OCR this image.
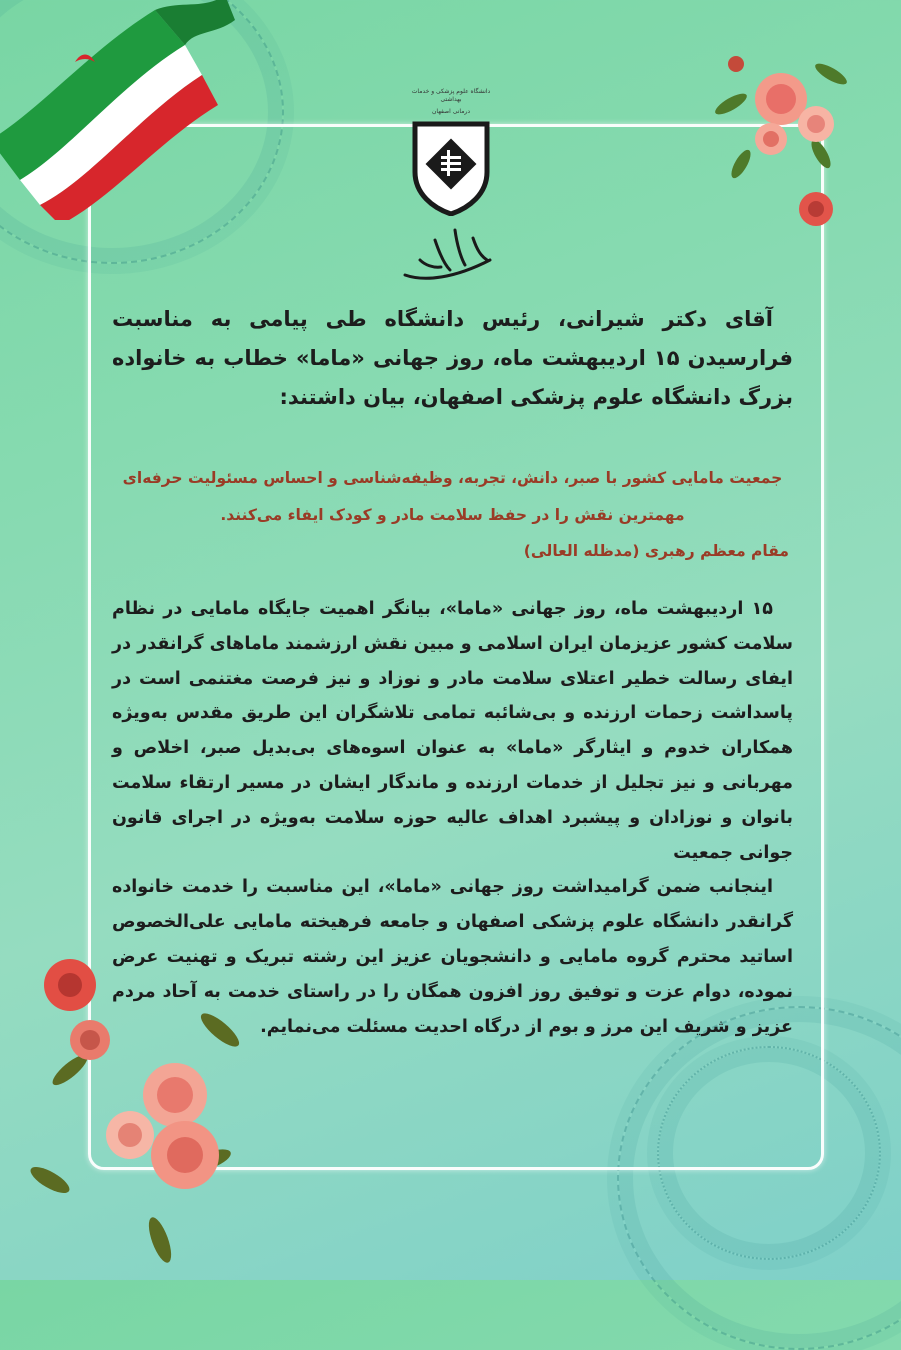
دانشگاه علوم پزشکی و خدمات بهداشتی
درمانی اصفهان
آقای دکتر شیرانی، رئیس دانشگاه طی پیامی به مناسبت فرارسیدن ۱۵ اردیبهشت ماه، روز جهانی «ماما» خطاب به خانواده بزرگ دانشگاه علوم پزشکی اصفهان، بیان داشتند:
جمعیت مامایی کشور با صبر، دانش، تجربه، وظیفه‌شناسی و احساس مسئولیت حرفه‌ای
مهمترین نقش را در حفظ سلامت مادر و کودک ایفاء می‌کنند.
مقام معظم رهبری (مدظله العالی)

۱۵ اردیبهشت ماه، روز جهانی «ماما»، بیانگر اهمیت جایگاه مامایی در نظام سلامت کشور عزیزمان ایران اسلامی و مبین نقش ارزشمند ماماهای گرانقدر در ایفای رسالت خطیر اعتلای سلامت مادر و نوزاد و نیز فرصت مغتنمی است در پاسداشت زحمات ارزنده و بی‌شائبه تمامی تلاشگران این طریق مقدس به‌ویژه همکاران خدوم و ایثارگر «ماما» به عنوان اسوه‌های بی‌بدیل صبر، اخلاص و مهربانی و نیز تجلیل از خدمات ارزنده و ماندگار ایشان در مسیر ارتقاء سلامت بانوان و نوزادان و پیشبرد اهداف عالیه حوزه سلامت به‌ویژه در اجرای قانون جوانی جمعیت

اینجانب ضمن گرامیداشت روز جهانی «ماما»، این مناسبت را خدمت خانواده گرانقدر دانشگاه علوم پزشکی اصفهان و جامعه فرهیخته مامایی علی‌الخصوص اساتید محترم گروه مامایی و دانشجویان عزیز این رشته تبریک و تهنیت عرض نموده، دوام عزت و توفیق روز افزون همگان را در راستای خدمت به آحاد مردم عزیز و شریف این مرز و بوم از درگاه احدیت مسئلت می‌نمایم.
